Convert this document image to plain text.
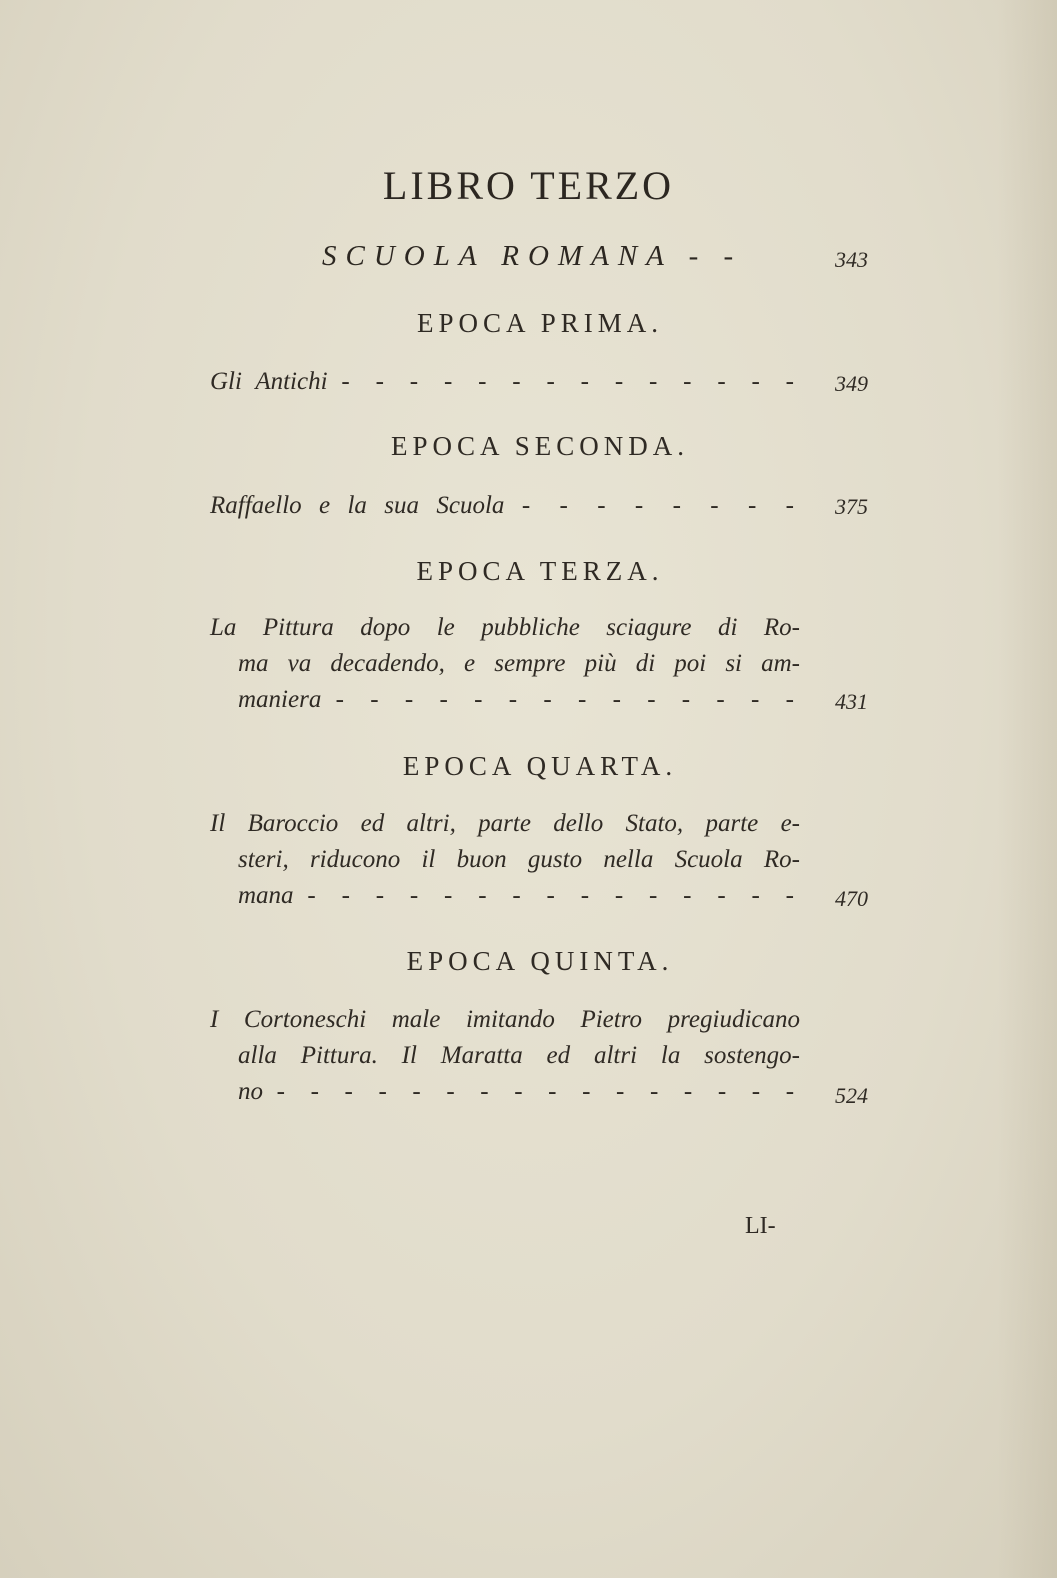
LIBRO TERZO
SCUOLA ROMANA - -	343
EPOCA PRIMA.
Gli Antichi - - - - - - - - - - - - - -	349
EPOCA SECONDA.
Raffaello e la sua Scuola - - - - - - - -	375
EPOCA TERZA.
La Pittura dopo le pubbliche sciagure di Ro-
ma va decadendo, e sempre più di poi si am-
maniera - - - - - - - - - - - - - -	431
EPOCA QUARTA.
Il Baroccio ed altri, parte dello Stato, parte e-
steri, riducono il buon gusto nella Scuola Ro-
mana - - - - - - - - - - - - - - -	470
EPOCA QUINTA.
I Cortoneschi male imitando Pietro pregiudicano
alla Pittura. Il Maratta ed altri la sostengo-
no - - - - - - - - - - - - - - - -	524
LI-
